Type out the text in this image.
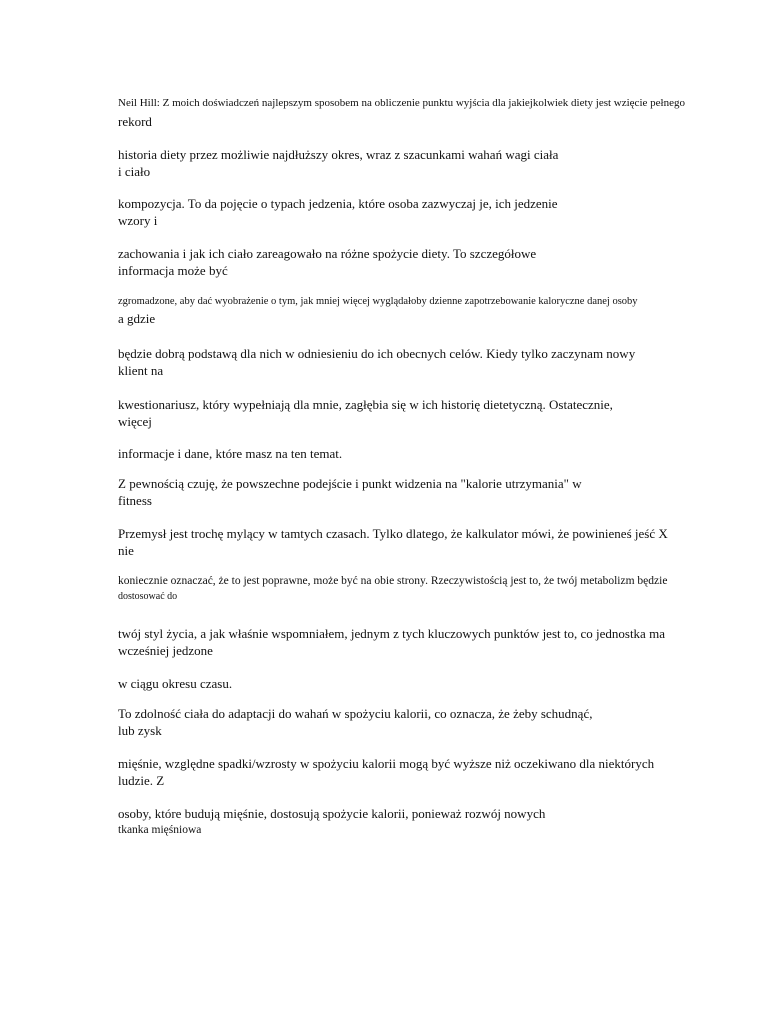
Neil Hill: Z moich doświadczeń najlepszym sposobem na obliczenie punktu wyjścia dla jakiejkolwiek diety jest wzięcie pełnego
rekord

historia diety przez możliwie najdłuższy okres, wraz z szacunkami wahań wagi ciała
i ciało

kompozycja. To da pojęcie o typach jedzenia, które osoba zazwyczaj je, ich jedzenie
wzory i

zachowania i jak ich ciało zareagowało na różne spożycie diety. To szczegółowe
informacja może być

zgromadzone, aby dać wyobrażenie o tym, jak mniej więcej wyglądałoby dzienne zapotrzebowanie kaloryczne danej osoby
a gdzie

będzie dobrą podstawą dla nich w odniesieniu do ich obecnych celów. Kiedy tylko zaczynam nowy
klient na

kwestionariusz, który wypełniają dla mnie, zagłębia się w ich historię dietetyczną. Ostatecznie,
więcej

informacje i dane, które masz na ten temat.

Z pewnością czuję, że powszechne podejście i punkt widzenia na "kalorie utrzymania" w
fitness

Przemysł jest trochę mylący w tamtych czasach. Tylko dlatego, że kalkulator mówi, że powinieneś jeść X
nie

koniecznie oznaczać, że to jest poprawne, może być na obie strony. Rzeczywistością jest to, że twój metabolizm będzie
dostosować do

twój styl życia, a jak właśnie wspomniałem, jednym z tych kluczowych punktów jest to, co jednostka ma
wcześniej jedzone

w ciągu okresu czasu.

To zdolność ciała do adaptacji do wahań w spożyciu kalorii, co oznacza, że żeby schudnąć,
lub zysk

mięśnie, względne spadki/wzrosty w spożyciu kalorii mogą być wyższe niż oczekiwano dla niektórych
ludzie. Z

osoby, które budują mięśnie, dostosują spożycie kalorii, ponieważ rozwój nowych
tkanka mięśniowa
